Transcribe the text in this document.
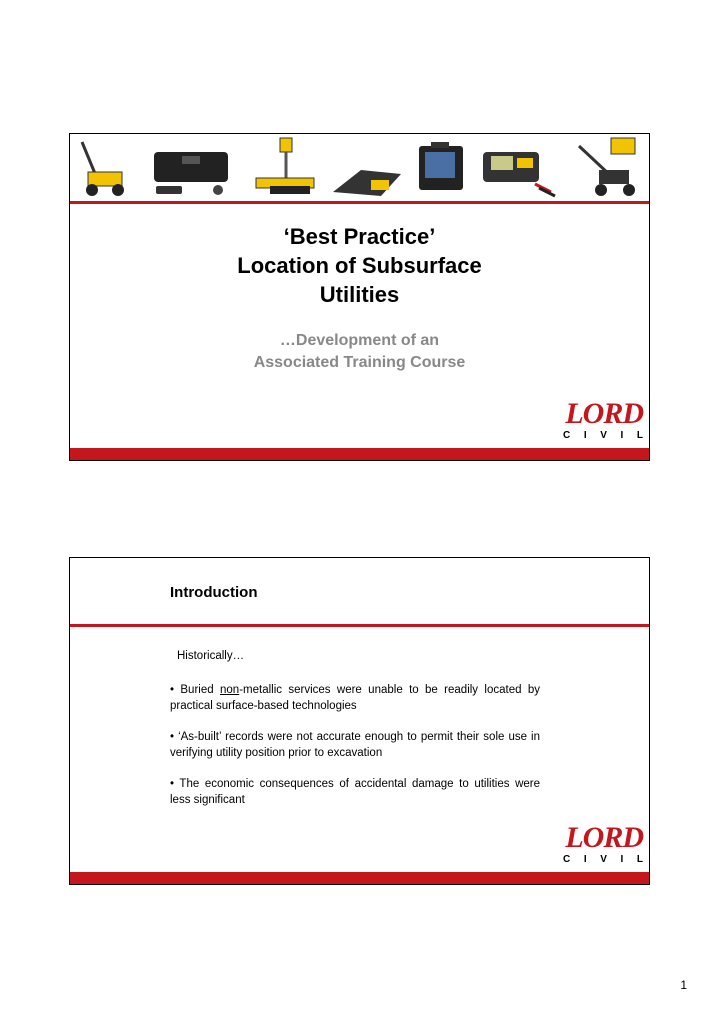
‘Best Practice’
Location of Subsurface
Utilities
…Development of an
Associated Training Course
LORD
C I V I L
Introduction

Historically…

• Buried non-metallic services were unable to be readily located by practical surface-based technologies

• ‘As-built’ records were not accurate enough to permit their sole use in verifying utility position prior to excavation

• The economic consequences of accidental damage to utilities were less significant

LORD
C I V I L
1
